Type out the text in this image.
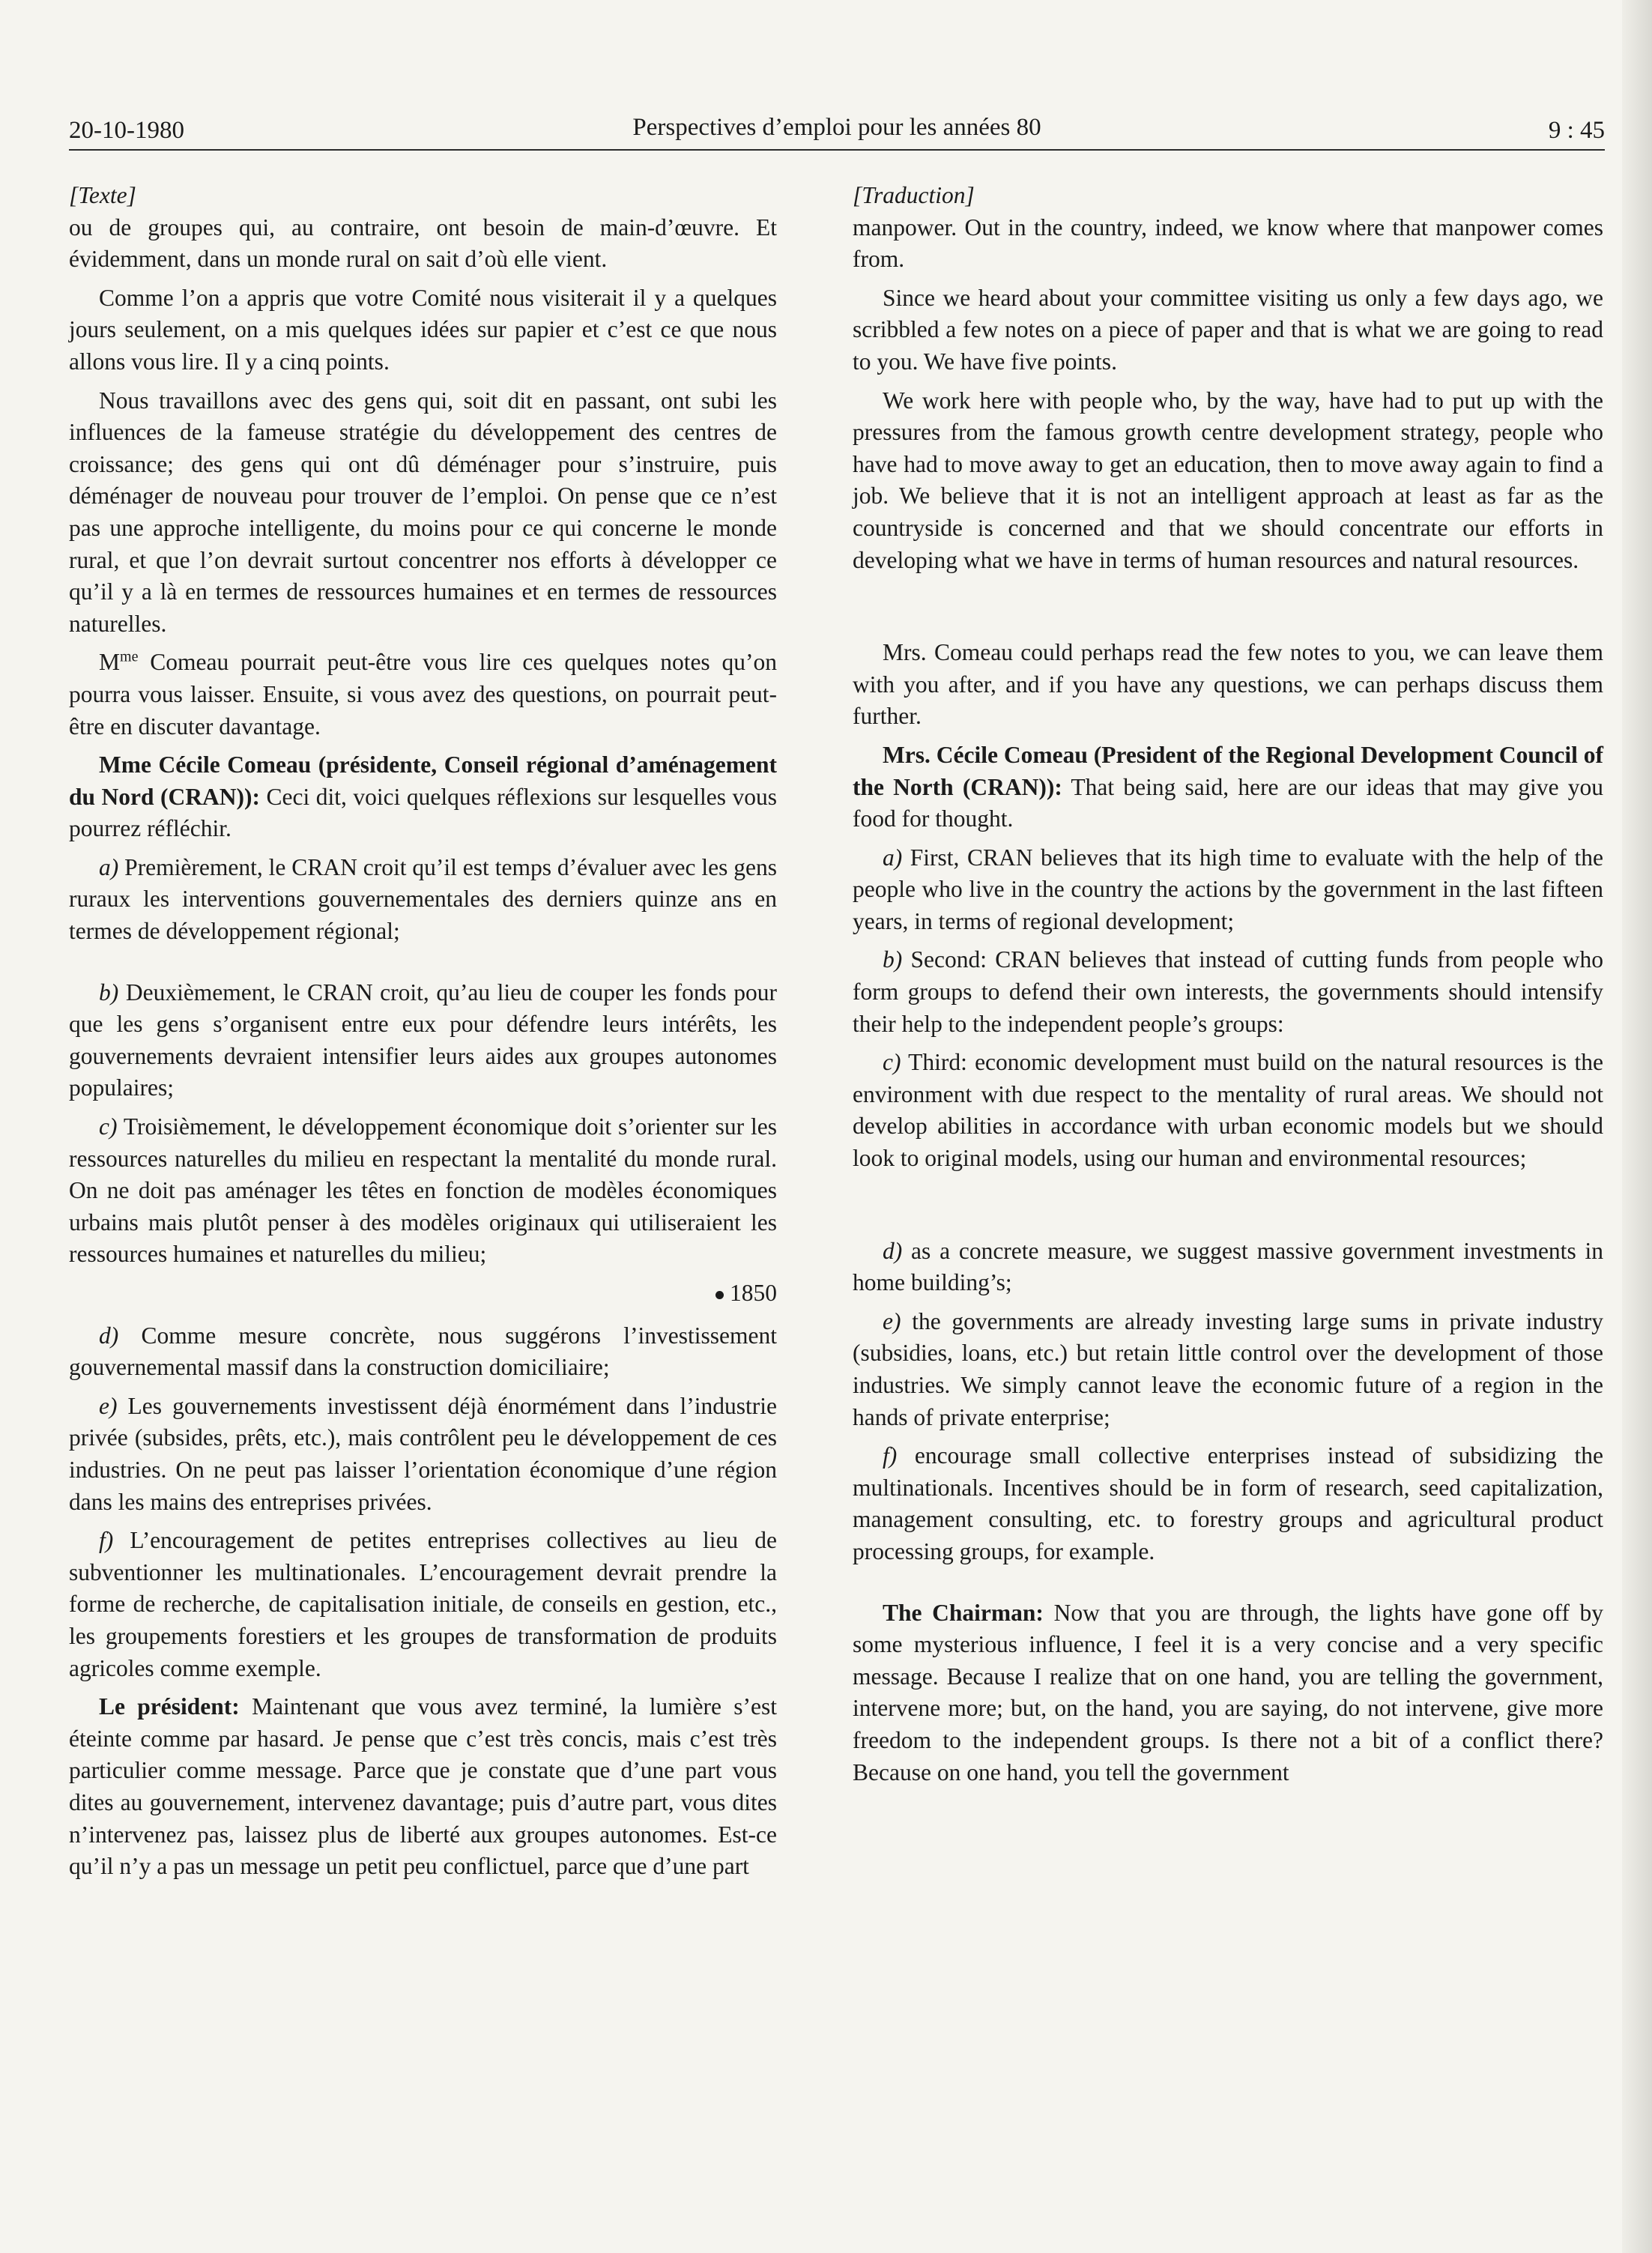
20-10-1980	Perspectives d’emploi pour les années 80	9 : 45
[Texte]

ou de groupes qui, au contraire, ont besoin de main-d’œuvre. Et évidemment, dans un monde rural on sait d’où elle vient.

Comme l’on a appris que votre Comité nous visiterait il y a quelques jours seulement, on a mis quelques idées sur papier et c’est ce que nous allons vous lire. Il y a cinq points.

Nous travaillons avec des gens qui, soit dit en passant, ont subi les influences de la fameuse stratégie du développement des centres de croissance; des gens qui ont dû déménager pour s’instruire, puis déménager de nouveau pour trouver de l’emploi. On pense que ce n’est pas une approche intelligente, du moins pour ce qui concerne le monde rural, et que l’on devrait surtout concentrer nos efforts à développer ce qu’il y a là en termes de ressources humaines et en termes de ressources naturelles.

$M^{me}$ Comeau pourrait peut-être vous lire ces quelques notes qu’on pourra vous laisser. Ensuite, si vous avez des questions, on pourrait peut-être en discuter davantage.

Mme Cécile Comeau (présidente, Conseil régional d’aménagement du Nord (CRAN)): Ceci dit, voici quelques réflexions sur lesquelles vous pourrez réfléchir.

a) Premièrement, le CRAN croit qu’il est temps d’évaluer avec les gens ruraux les interventions gouvernementales des derniers quinze ans en termes de développement régional;

b) Deuxièmement, le CRAN croit, qu’au lieu de couper les fonds pour que les gens s’organisent entre eux pour défendre leurs intérêts, les gouvernements devraient intensifier leurs aides aux groupes autonomes populaires;

c) Troisièmement, le développement économique doit s’orienter sur les ressources naturelles du milieu en respectant la mentalité du monde rural. On ne doit pas aménager les têtes en fonction de modèles économiques urbains mais plutôt penser à des modèles originaux qui utiliseraient les ressources humaines et naturelles du milieu;

1850

d) Comme mesure concrète, nous suggérons l’investissement gouvernemental massif dans la construction domiciliaire;

e) Les gouvernements investissent déjà énormément dans l’industrie privée (subsides, prêts, etc.), mais contrôlent peu le développement de ces industries. On ne peut pas laisser l’orientation économique d’une région dans les mains des entreprises privées.

f) L’encouragement de petites entreprises collectives au lieu de subventionner les multinationales. L’encouragement devrait prendre la forme de recherche, de capitalisation initiale, de conseils en gestion, etc., les groupements forestiers et les groupes de transformation de produits agricoles comme exemple.

Le président: Maintenant que vous avez terminé, la lumière s’est éteinte comme par hasard. Je pense que c’est très concis, mais c’est très particulier comme message. Parce que je constate que d’une part vous dites au gouvernement, intervenez davantage; puis d’autre part, vous dites n’intervenez pas, laissez plus de liberté aux groupes autonomes. Est-ce qu’il n’y a pas un message un petit peu conflictuel, parce que d’une part

[Traduction]

manpower. Out in the country, indeed, we know where that manpower comes from.

Since we heard about your committee visiting us only a few days ago, we scribbled a few notes on a piece of paper and that is what we are going to read to you. We have five points.

We work here with people who, by the way, have had to put up with the pressures from the famous growth centre development strategy, people who have had to move away to get an education, then to move away again to find a job. We believe that it is not an intelligent approach at least as far as the countryside is concerned and that we should concentrate our efforts in developing what we have in terms of human resources and natural resources.

Mrs. Comeau could perhaps read the few notes to you, we can leave them with you after, and if you have any questions, we can perhaps discuss them further.

Mrs. Cécile Comeau (President of the Regional Development Council of the North (CRAN)): That being said, here are our ideas that may give you food for thought.

a) First, CRAN believes that its high time to evaluate with the help of the people who live in the country the actions by the government in the last fifteen years, in terms of regional development;

b) Second: CRAN believes that instead of cutting funds from people who form groups to defend their own interests, the governments should intensify their help to the independent people’s groups:

c) Third: economic development must build on the natural resources is the environment with due respect to the mentality of rural areas. We should not develop abilities in accordance with urban economic models but we should look to original models, using our human and environmental resources;

d) as a concrete measure, we suggest massive government investments in home building’s;

e) the governments are already investing large sums in private industry (subsidies, loans, etc.) but retain little control over the development of those industries. We simply cannot leave the economic future of a region in the hands of private enterprise;

f) encourage small collective enterprises instead of subsidizing the multinationals. Incentives should be in form of research, seed capitalization, management consulting, etc. to forestry groups and agricultural product processing groups, for example.

The Chairman: Now that you are through, the lights have gone off by some mysterious influence, I feel it is a very concise and a very specific message. Because I realize that on one hand, you are telling the government, intervene more; but, on the hand, you are saying, do not intervene, give more freedom to the independent groups. Is there not a bit of a conflict there? Because on one hand, you tell the government
